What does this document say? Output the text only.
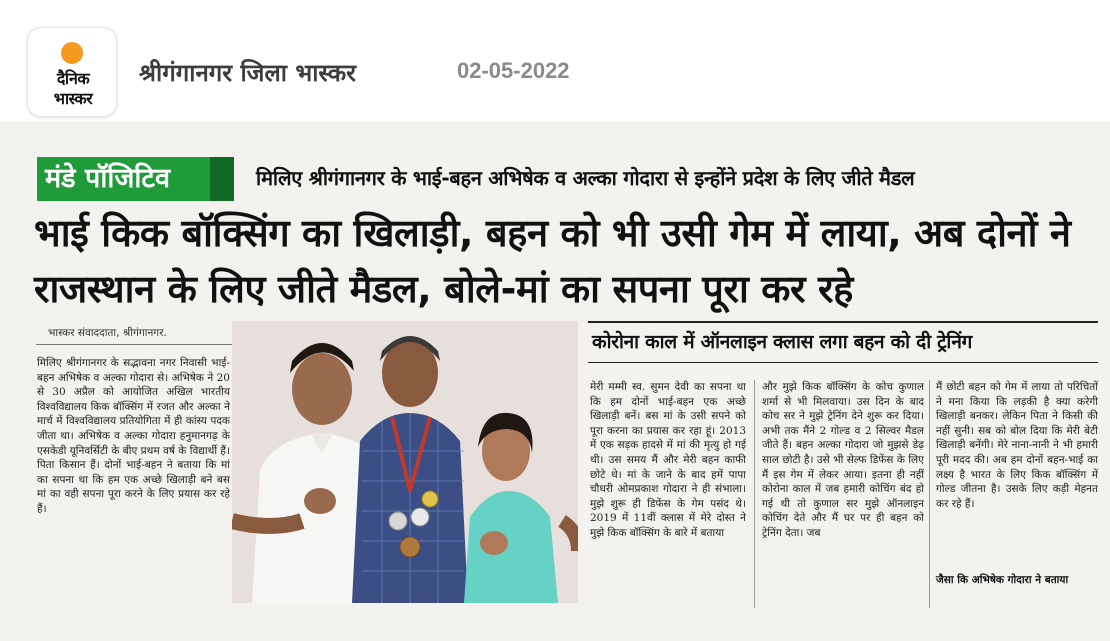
दैनिक
भास्कर
श्रीगंगानगर जिला भास्कर	02-05-2022
मंडे पॉजिटिव	मिलिए श्रीगंगानगर के भाई-बहन अभिषेक व अल्का गोदारा से इन्होंने प्रदेश के लिए जीते मैडल
भाई किक बॉक्सिंग का खिलाड़ी, बहन को भी उसी गेम में लाया, अब दोनों ने राजस्थान के लिए जीते मैडल, बोले-मां का सपना पूरा कर रहे
भास्कर संवाददाता, श्रीगंगानगर.
मिलिए श्रीगंगानगर के सद्भावना नगर निवासी भाई-बहन अभिषेक व अल्का गोदारा से। अभिषेक ने 20 से 30 अप्रैल को आयोजित अखिल भारतीय विश्वविद्यालय किक बॉक्सिंग में रजत और अल्का ने मार्च में विश्वविद्यालय प्रतियोगिता में ही कांस्य पदक जीता था। अभिषेक व अल्का गोदारा हनुमानगढ़ के एसकेडी यूनिवर्सिटी के बीए प्रथम वर्ष के विद्यार्थी हैं। पिता किसान हैं। दोनों भाई-बहन ने बताया कि मां का सपना था कि हम एक अच्छे खिलाड़ी बने बस मां का वही सपना पूरा करने के लिए प्रयास कर रहे हैं।
कोरोना काल में ऑनलाइन क्लास लगा बहन को दी ट्रेनिंग
मेरी मम्मी स्व. सुमन देवी का सपना था कि हम दोनों भाई-बहन एक अच्छे खिलाड़ी बनें। बस मां के उसी सपने को पूरा करना का प्रयास कर रहा हूं। 2013 में एक सड़क हादसे में मां की मृत्यु हो गई थी। उस समय मैं और मेरी बहन काफी छोटे थे। मां के जाने के बाद हमें पापा चौधरी ओमप्रकाश गोदारा ने ही संभाला। मुझे शुरू ही डिफेंस के गेम पसंद थे। 2019 में 11वीं क्लास में मेरे दोस्त ने मुझे किक बॉक्सिंग के बारे में बताया
और मुझे किक बॉक्सिंग के कोच कुणाल शर्मा से भी मिलवाया। उस दिन के बाद कोच सर ने मुझे ट्रेनिंग देने शुरू कर दिया। अभी तक मैंने 2 गोल्ड व 2 सिल्वर मैडल जीते हैं। बहन अल्का गोदारा जो मुझसे डेढ़ साल छोटी है। उसे भी सेल्फ डिफेंस के लिए मैं इस गेम में लेकर आया। इतना ही नहीं कोरोना काल में जब हमारी कोचिंग बंद हो गई थी तो कुणाल सर मुझे ऑनलाइन कोचिंग देते और मैं घर पर ही बहन को ट्रेनिंग देता। जब
मैं छोटी बहन को गेम में लाया तो परिचितों ने मना किया कि लड़की है क्या करेगी खिलाड़ी बनकर। लेकिन पिता ने किसी की नहीं सुनी। सब को बोल दिया कि मेरी बेटी खिलाड़ी बनेंगी। मेरे नाना-नानी ने भी हमारी पूरी मदद की। अब हम दोनों बहन-भाई का लक्ष्य है भारत के लिए किक बॉक्सिंग में गोल्ड जीतना है। उसके लिए कड़ी मेहनत कर रहे हैं।
जैसा कि अभिषेक गोदारा ने बताया
